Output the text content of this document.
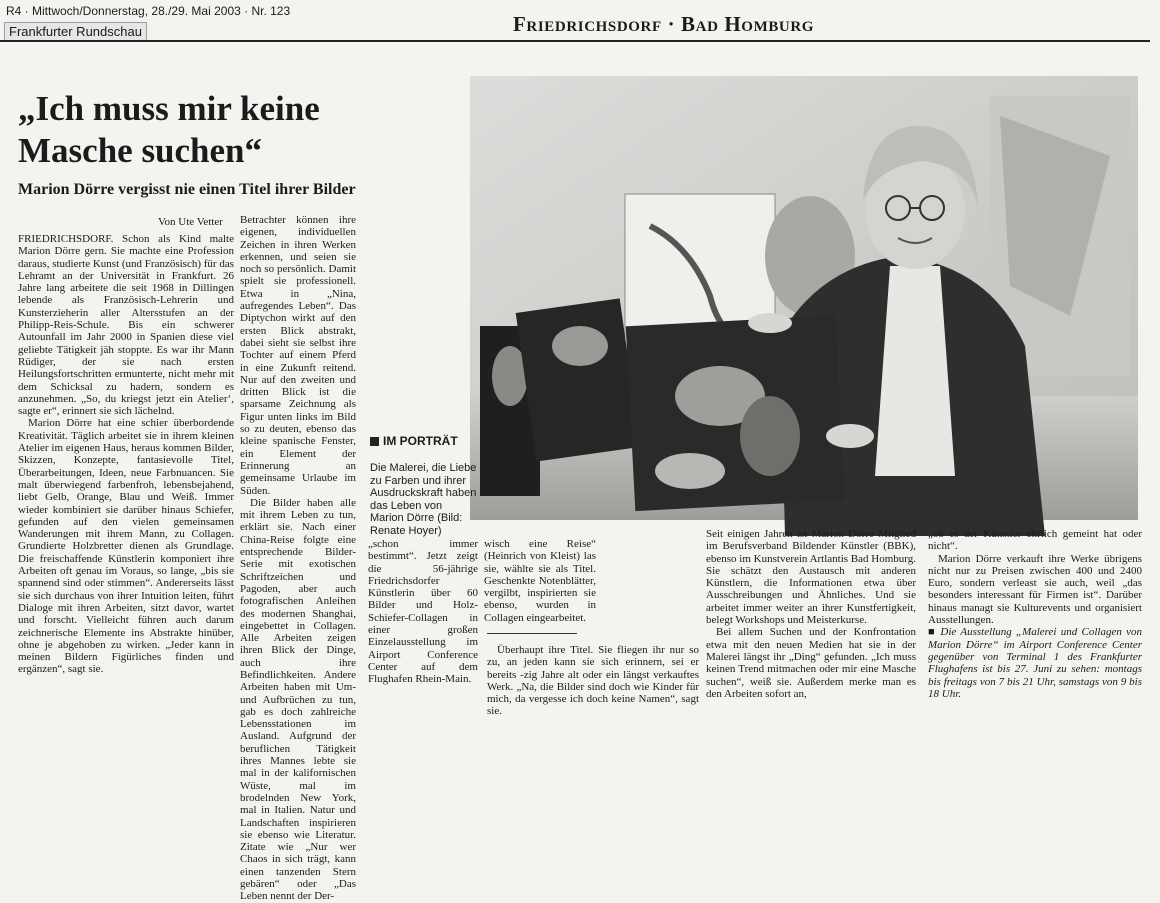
R4 · Mittwoch/Donnerstag, 28./29. Mai 2003 · Nr. 123
Frankfurter Rundschau	Friedrichsdorf · Bad Homburg
„Ich muss mir keine
Masche suchen“
Marion Dörre vergisst nie einen Titel ihrer Bilder
Von Ute Vetter

FRIEDRICHSDORF. Schon als Kind malte Marion Dörre gern. Sie machte eine Profession daraus, studierte Kunst (und Französisch) für das Lehramt an der Universität in Frankfurt. 26 Jahre lang arbeitete die seit 1968 in Dillingen lebende als Französisch-Lehrerin und Kunsterzieherin aller Altersstufen an der Philipp-Reis-Schule. Bis ein schwerer Autounfall im Jahr 2000 in Spanien diese viel geliebte Tätigkeit jäh stoppte. Es war ihr Mann Rüdiger, der sie nach ersten Heilungsfortschritten ermunterte, nicht mehr mit dem Schicksal zu hadern, sondern es anzunehmen. „So, du kriegst jetzt ein Atelier‘, sagte er“, erinnert sie sich lächelnd.

Marion Dörre hat eine schier überbordende Kreativität. Täglich arbeitet sie in ihrem kleinen Atelier im eigenen Haus, heraus kommen Bilder, Skizzen, Konzepte, fantasievolle Titel, Überarbeitungen, Ideen, neue Farbnuancen. Sie malt überwiegend farbenfroh, lebensbejahend, liebt Gelb, Orange, Blau und Weiß. Immer wieder kombiniert sie darüber hinaus Schiefer, gefunden auf den vielen gemeinsamen Wanderungen mit ihrem Mann, zu Collagen. Grundierte Holzbretter dienen als Grundlage. Die freischaffende Künstlerin komponiert ihre Arbeiten oft genau im Voraus, so lange, „bis sie spannend sind oder stimmen“. Andererseits lässt sie sich durchaus von ihrer Intuition leiten, führt Dialoge mit ihren Arbeiten, sitzt davor, wartet und forscht. Vielleicht führen auch darum zeichnerische Elemente ins Abstrakte hinüber, ohne je abgehoben zu wirken. „Jeder kann in meinen Bildern Figürliches finden und ergänzen“, sagt sie.

Betrachter können ihre eigenen, individuellen Zeichen in ihren Werken erkennen, und seien sie noch so persönlich. Damit spielt sie professionell. Etwa in „Nina, aufregendes Leben“. Das Diptychon wirkt auf den ersten Blick abstrakt, dabei sieht sie selbst ihre Tochter auf einem Pferd in eine Zukunft reitend. Nur auf den zweiten und dritten Blick ist die sparsame Zeichnung als Figur unten links im Bild so zu deuten, ebenso das kleine spanische Fenster, ein Element der Erinnerung an gemeinsame Urlaube im Süden.

Die Bilder haben alle mit ihrem Leben zu tun, erklärt sie. Nach einer China-Reise folgte eine entsprechende Bilder-Serie mit exotischen Schriftzeichen und Pagoden, aber auch fotografischen Anleihen des modernen Shanghai, eingebettet in Collagen. Alle Arbeiten zeigen ihren Blick der Dinge, auch ihre Befindlichkeiten. Andere Arbeiten haben mit Um- und Aufbrüchen zu tun, gab es doch zahlreiche Lebensstationen im Ausland. Aufgrund der beruflichen Tätigkeit ihres Mannes lebte sie mal in der kalifornischen Wüste, mal im brodelnden New York, mal in Italien. Natur und Landschaften inspirieren sie ebenso wie Literatur. Zitate wie „Nur wer Chaos in sich trägt, kann einen tanzenden Stern gebären“ oder „Das Leben nennt der Der-

IM PORTRÄT

Die Malerei, die Liebe zu Farben und ihrer Ausdruckskraft haben das Leben von Marion Dörre (Bild: Renate Hoyer)

„schon immer bestimmt“. Jetzt zeigt die 56-jährige Friedrichsdorfer Künstlerin über 60 Bilder und Holz-Schiefer-Collagen in einer großen Einzelausstellung im Airport Conference Center auf dem Flughafen Rhein-Main.

wisch eine Reise“ (Heinrich von Kleist) las sie, wählte sie als Titel. Geschenkte Notenblätter, vergilbt, inspirierten sie ebenso, wurden in Collagen eingearbeitet.

Überhaupt ihre Titel. Sie fliegen ihr nur so zu, an jeden kann sie sich erinnern, sei er bereits -zig Jahre alt oder ein längst verkauftes Werk. „Na, die Bilder sind doch wie Kinder für mich, da vergesse ich doch keine Namen“, sagt sie.

Seit einigen Jahren ist Marion Dörre Mitglied im Berufsverband Bildender Künstler (BBK), ebenso im Kunstverein Artlantis Bad Homburg. Sie schätzt den Austausch mit anderen Künstlern, die Informationen etwa über Ausschreibungen und Ähnliches. Und sie arbeitet immer weiter an ihrer Kunstfertigkeit, belegt Workshops und Meisterkurse.

Bei allem Suchen und der Konfrontation etwa mit den neuen Medien hat sie in der Malerei längst ihr „Ding“ gefunden. „Ich muss keinen Trend mitmachen oder mir eine Masche suchen“, weiß sie. Außerdem merke man es den Arbeiten sofort an,

„ob es der Künstler ehrlich gemeint hat oder nicht“.

Marion Dörre verkauft ihre Werke übrigens nicht nur zu Preisen zwischen 400 und 2400 Euro, sondern verleast sie auch, weil „das besonders interessant für Firmen ist“. Darüber hinaus managt sie Kulturevents und organisiert Ausstellungen.

■ Die Ausstellung „Malerei und Collagen von Marion Dörre“ im Airport Conference Center gegenüber von Terminal 1 des Frankfurter Flughafens ist bis 27. Juni zu sehen: montags bis freitags von 7 bis 21 Uhr, samstags von 9 bis 18 Uhr.
